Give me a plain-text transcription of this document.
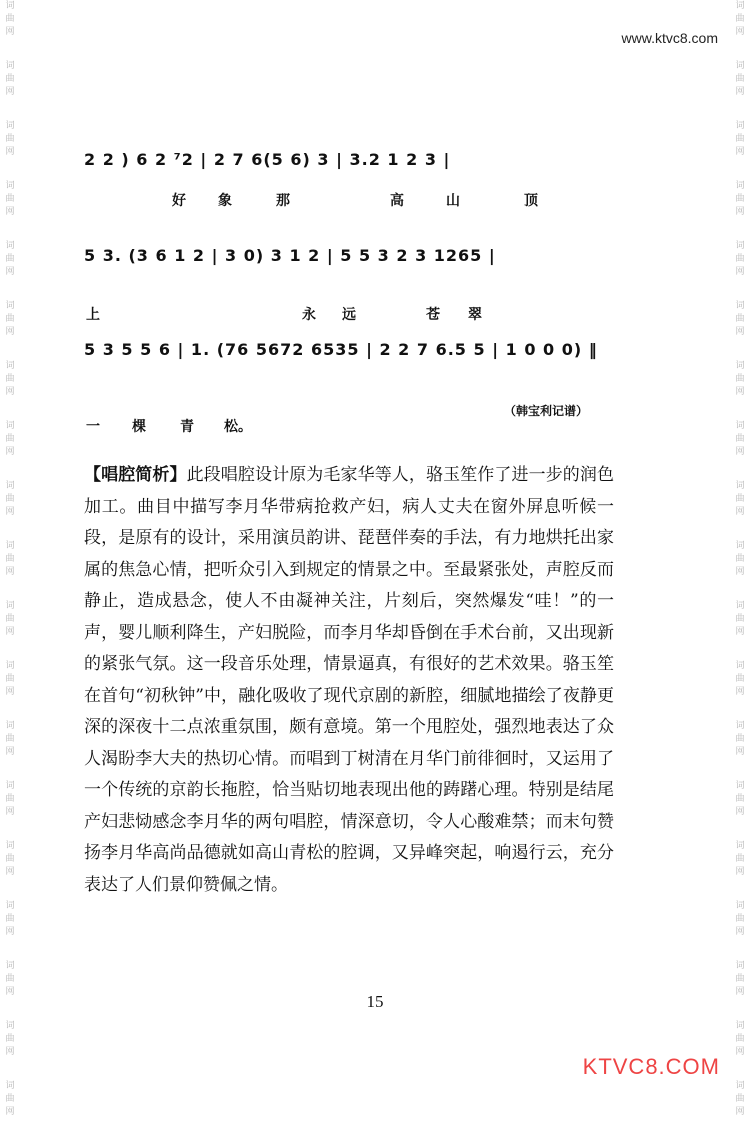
词
曲
网
词
曲
网
词
曲
网
词
曲
网
词
曲
网
词
曲
网
词
曲
网
词
曲
网
词
曲
网
词
曲
网
词
曲
网
词
曲
网
词
曲
网
词
曲
网
词
曲
网
词
曲
网
词
曲
网
词
曲
网
词
曲
网
词
曲
网
词
曲
网
词
曲
网
词
曲
网
词
曲
网
词
曲
网
词
曲
网
词
曲
网
词
曲
网
词
曲
网
词
曲
网
词
曲
网
词
曲
网
词
曲
网
词
曲
网
词
曲
网
词
曲
网
词
曲
网
词
曲
网
www.ktvc8.com
2 2 ) 6 2 ⁷2 | 2 7 6(5 6) 3 | 3.2 1 2 3 |
好 象	那	高	山	顶
5 3. (3 6 1 2 | 3 0) 3 1 2 | 5 5 3 2 3 1265 |
上	永 远	苍 翠
5 3 5 5 6 | 1. (76 5672 6535 | 2 2 7 6.5 5 | 1 0 0 0) ‖
一 棵 青 松。
（韩宝利记谱）
【唱腔简析】此段唱腔设计原为毛家华等人，骆玉笙作了进一步的润色加工。曲目中描写李月华带病抢救产妇，病人丈夫在窗外屏息听候一段，是原有的设计，采用演员韵讲、琵琶伴奏的手法，有力地烘托出家属的焦急心情，把听众引入到规定的情景之中。至最紧张处，声腔反而静止，造成悬念，使人不由凝神关注，片刻后，突然爆发“哇！”的一声，婴儿顺利降生，产妇脱险，而李月华却昏倒在手术台前，又出现新的紧张气氛。这一段音乐处理，情景逼真，有很好的艺术效果。骆玉笙在首句“初秋钟”中，融化吸收了现代京剧的新腔，细腻地描绘了夜静更深的深夜十二点浓重氛围，颇有意境。第一个甩腔处，强烈地表达了众人渴盼李大夫的热切心情。而唱到丁树清在月华门前徘徊时，又运用了一个传统的京韵长拖腔，恰当贴切地表现出他的踌躇心理。特别是结尾产妇悲恸感念李月华的两句唱腔，情深意切，令人心酸难禁；而末句赞扬李月华高尚品德就如高山青松的腔调，又异峰突起，响遏行云，充分表达了人们景仰赞佩之情。
15
KTVC8.COM
